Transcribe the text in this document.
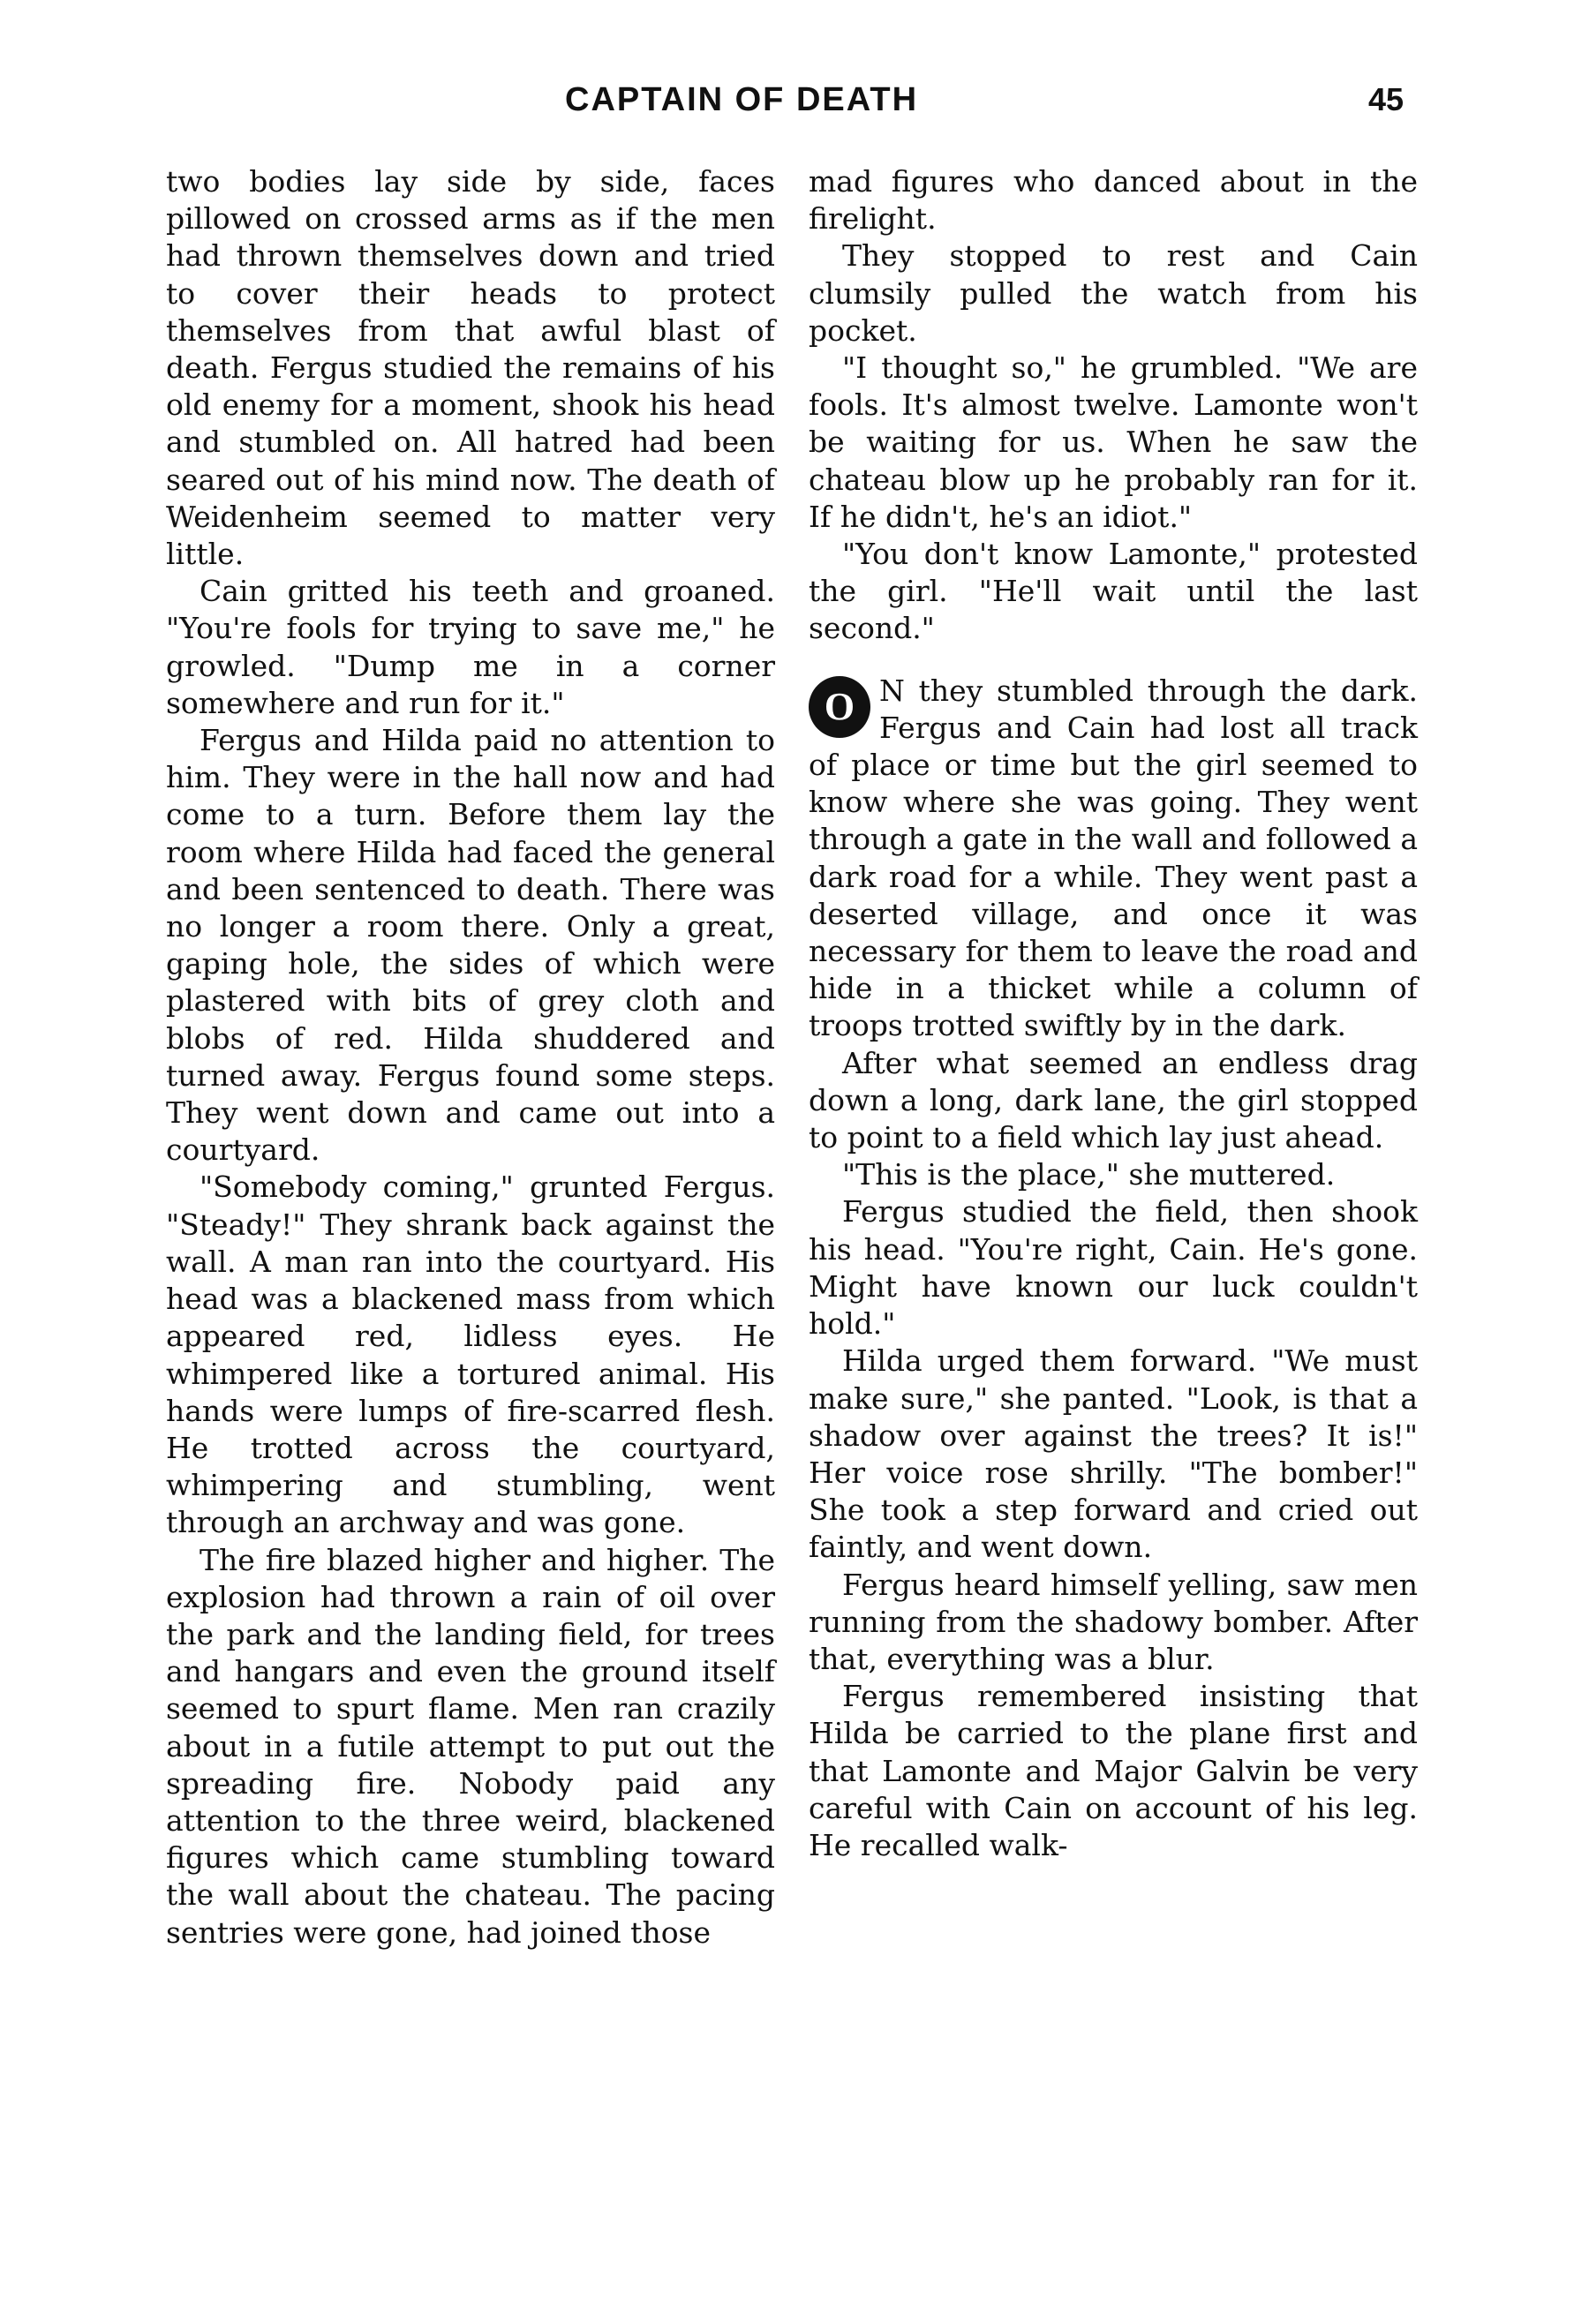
CAPTAIN OF DEATH	45

two bodies lay side by side, faces pillowed on crossed arms as if the men had thrown themselves down and tried to cover their heads to protect themselves from that awful blast of death. Fergus studied the remains of his old enemy for a moment, shook his head and stumbled on. All hatred had been seared out of his mind now. The death of Weidenheim seemed to matter very little.

Cain gritted his teeth and groaned. "You're fools for trying to save me," he growled. "Dump me in a corner somewhere and run for it."

Fergus and Hilda paid no attention to him. They were in the hall now and had come to a turn. Before them lay the room where Hilda had faced the general and been sentenced to death. There was no longer a room there. Only a great, gaping hole, the sides of which were plastered with bits of grey cloth and blobs of red. Hilda shuddered and turned away. Fergus found some steps. They went down and came out into a courtyard.

"Somebody coming," grunted Fergus. "Steady!" They shrank back against the wall. A man ran into the courtyard. His head was a blackened mass from which appeared red, lidless eyes. He whimpered like a tortured animal. His hands were lumps of fire-scarred flesh. He trotted across the courtyard, whimpering and stumbling, went through an archway and was gone.

The fire blazed higher and higher. The explosion had thrown a rain of oil over the park and the landing field, for trees and hangars and even the ground itself seemed to spurt flame. Men ran crazily about in a futile attempt to put out the spreading fire. Nobody paid any attention to the three weird, blackened figures which came stumbling toward the wall about the chateau. The pacing sentries were gone, had joined those

mad figures who danced about in the firelight.

They stopped to rest and Cain clumsily pulled the watch from his pocket.

"I thought so," he grumbled. "We are fools. It's almost twelve. Lamonte won't be waiting for us. When he saw the chateau blow up he probably ran for it. If he didn't, he's an idiot."

"You don't know Lamonte," protested the girl. "He'll wait until the last second."

O N they stumbled through the dark. Fergus and Cain had lost all track of place or time but the girl seemed to know where she was going. They went through a gate in the wall and followed a dark road for a while. They went past a deserted village, and once it was necessary for them to leave the road and hide in a thicket while a column of troops trotted swiftly by in the dark.

After what seemed an endless drag down a long, dark lane, the girl stopped to point to a field which lay just ahead.

"This is the place," she muttered.

Fergus studied the field, then shook his head. "You're right, Cain. He's gone. Might have known our luck couldn't hold."

Hilda urged them forward. "We must make sure," she panted. "Look, is that a shadow over against the trees? It is!" Her voice rose shrilly. "The bomber!" She took a step forward and cried out faintly, and went down.

Fergus heard himself yelling, saw men running from the shadowy bomber. After that, everything was a blur.

Fergus remembered insisting that Hilda be carried to the plane first and that Lamonte and Major Galvin be very careful with Cain on account of his leg. He recalled walk-
